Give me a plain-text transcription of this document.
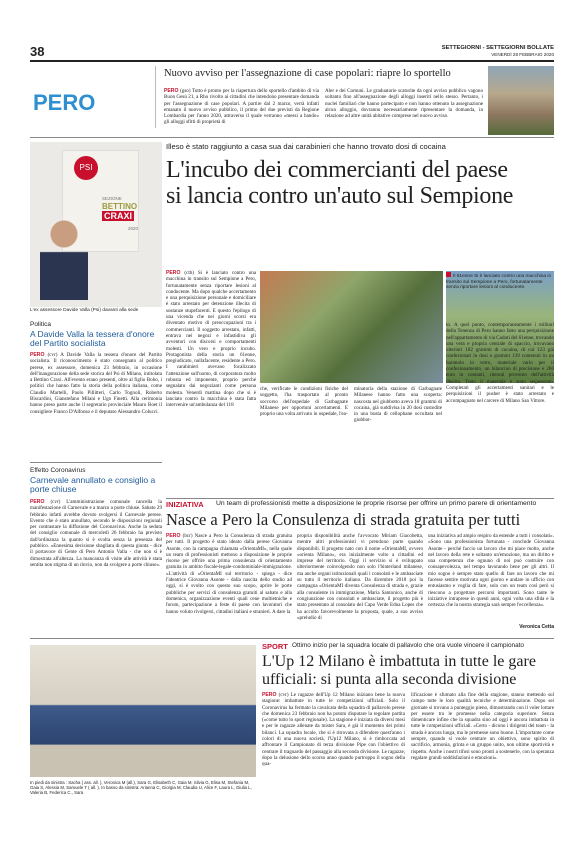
38	SETTEGIORNI - SETTEGIORNI BOLLATE
VENERDÌ 28 FEBBRAIO 2020
PERO
Nuovo avviso per l'assegnazione di case popolari: riapre lo sportello

PERO (gso) Tutto è pronto per la riapertura dello sportello d'ambito di via Buon Gesù 21, a Rho rivolto ai cittadini che intendono presentare domanda per l'assegnazione di case popolari. A partire dal 2 marzo, verrà infatti emanato il nuovo avviso pubblico, il primo del due previsti da Regione Lombardia per l'anno 2020, attraverso il quale verranno «messi a bando» gli alloggi sfitti di proprietà di

Aler e dei Comuni. Le graduatorie scaturite da ogni avviso pubblico vagono soltanto fino all'assegnazione degli alloggi inseriti nello stesso. Pertanto, i nuclei familiari che hanno partecipato e non hanno ottenuto la assegnazione alcun alloggio, dovranno necessariamente ripresentare la domanda, in relazione ad altre unità abitative comprese nel nuovo avviso.

PSI
SEZIONE
BETTINO
CRAXI
2020
L'ex assessore Davide Valla (Psi) davanti alla sede
Politica
A Davide Valla la tessera d'onore del Partito socialista

PERO (cvr) A Davide Valla la tessera d'onore del Partito socialista. Il riconoscimento è stato consegnato al politico perese, ex assessore, domenica 23 febbraio, in occasione dell'inaugurazione della sede storica del Psi di Milano, intitolata a Bettino Craxi. All'evento erano presenti, oltre al figlio Bobo, i politici che hanno fatto la storia della politica italiana, come Claudio Martelli, Paolo Pillitteri, Carlo Tognoli, Roberto Biscardini, Gianstefano Milani e Ugo Finetti. Alla cerimonia hanno preso parte anche il segretario provinciale Mauro Boet il consigliere Franco D'Alfonso e il deputato Alessandro Colucci.

Effetto Coronavirus
Carnevale annullato e consiglio a porte chiuse

PERO (cvr) L'amministrazione comunale cancella la manifestazione di Carnevale e a marzo a porte chiuse. Sabato 29 febbraio infatti avrebbe dovuto svolgersi il Carnevale perese. Evento che è stato annullato, secondo le disposizioni regionali per contrastare la diffusione del Coronavirus. Anche la seduta del consiglio comunale di mercoledì 26 febbraio ha previsto dall'ordinanza la quanto si è svolta senza la presenza del pubblico. «Ennesima decisione sbagliata di questa giunta - dice il portavoce di Gente di Pero Antonio Valla - che non si è dimostrata all'altezza. La mancanza di visite alle attività è stata sentita non stigma di un rinvio, non da svolgere a porte chiuse».

Illeso è stato raggiunto a casa sua dai carabinieri che hanno trovato dosi di cocaina
L'incubo dei commercianti del paese
si lancia contro un'auto sul Sempione

PERO (ctb) Si è lanciato contro una macchina in transito sul Sempione a Pero, fortunatamente senza riportare lesioni al conducente. Ma dopo qualche accertamento e una perquisizione personale e domiciliare è stato arrestato per detenzione illecita di sostanze stupefacenti. E questo l'epilogo di una vicenda che nei giorni scorsi era diventato motivo di preoccupazioni tra i commercianti. Il soggetto arrestato, infatti, entrava nei negozi e infastidiva gli avventori con discorsi e comportamenti molesti. Un vero e proprio incubo. Protagonista della storia un 61enne, pregiudicato, nullafacente, residente a Pero. I carabinieri avevano focalizzato l'attenzione sull'uomo, di corporatura molto robusta ed imponente, proprio perché segnalato dai negozianti come persona molesta. Venerdì mattina dopo che si è lanciato contro la macchina è stata fatta intervenire un'ambulanza del 118

che, verificate le condizioni fisiche del soggetto, l'ha trasportato al pronto soccorso dell'ospedale di Garbagnate Milanese per opportuni accertamenti. E proprio una volta arrivato in ospedale, l'ea-

minatoria della stazione di Garbagnate Milanese hanno fatto una scoperta: nascosta nel giubbotto aveva 18 grammi di cocaina, già suddivisa in 20 dosi custodite in una busta di cellophane occultata nel giubbot-

Il 61enne Si è lanciato contro una macchina in transito sul Sempione a Pero, fortunatamente senza riportare lesioni al conducente.

to. A quel punto, contemporaneamente i militari della Tenenza di Pero hanno fatto una perquisizione nell'appartamento di via Caduti del 61enne, trovando una vera e propria centrale di spaccio, trovavano ulteriori 182 grammi di cocaina, di cui 123 già confezionati in dosi e grammi 139 contenuti in un barattolo in vetro, materiale vario per il confezionamento, un bilancino di precisione e 260 euro in contanti, ritenuti provento dell'attività illecita. Tutto il materiale è stato sequestrato. Completati gli accertamenti sanitari e le perquisizioni il pusher è stato arrestato e accompagnato nel carcere di Milano San Vittore.

INIZIATIVA Un team di professionisti mette a disposizione le proprie risorse per offrire un primo parere di orientamento
Nasce a Pero la Consulenza di strada gratuita per tutti

PERO (bcr) Nasce a Pero la Consulenza di strada gratuita per tutti. Il progetto è stato ideato dalla perese Giovanna Asonte, con la campagna chiamata «OrientaMI», nella quale un team di professionisti mettono a disposizione le proprie risorse per offrire una prima consulenza di orientamento gratuita in ambito fiscale-legale-condominiale-immigrazione. «L'attività di «OrientaMI sul territorio - spiega - dice l'ideatrice Giovanna Asonte - dalla nascita dello studio ad oggi, si è svolto con questo suo scopo, aprire le porte pubbliche per servizi di consulenza gratuiti al sabato e alla domenica, organizzazione eventi quali cene multietniche e forum, partecipazione a feste di paese con lavoratori che hanno voluto rivolgersi, cittadini italiani e stranieri. A dare la

propria disponibilità anche l'avvocato Miriam Giacobetta, mentre altri professionisti vi prendono parte quando disponibili. Il progetto nato con il nome «OrientaMI, ovvero «orienta Milano», era inizialmente volto a cittadini ed imprese del territorio. Oggi il servizio si è sviluppato ulteriormente coinvolgendo non solo l'hinterland milanese, ma anche organi istituzionali quali i consolati e le ambasciate su tutto il territorio italiano. Da dicembre 2018 poi la campagna «OrientaMI diventa Consulenza di strada e, grazie alla consulente in immigrazione, Maria Santonico, anche di congiunzione con consolati e ambasciate, il progetto più è stato presentato al consolato del Capo Verde Edna Lopes che ha accolto favorevolmente la proposta, quale, a suo avviso «preludio di

una iniziativa ad ampio respiro da estende a tutti i consolati». «Sono una professionista fortunata - conclude Giovanna Asonte - perché faccio un lavoro che mi piace molto, anche nel lavoro della rete e soltanto un'emozione, ma un diritto e una competenza che ognuno di noi può costruire con consapevolezza, nel tempo lavorando bene per gli altri. Il mio sogno è sempre stato quello di fare un lavoro che mi facesse sentire motivata ogni giorno e andare in ufficio con entusiasmo e voglia di fare, solo con un team così però si riescono a progettare percorsi importanti. Sono tante le iniziative intraprese in questi anni, ogni volta una sfida e la certezza che la nostra strategia sarà sempre l'eccellenza».

Veronica Cetta
In piedi da sinistra : Sacha ( ass. all. ), Veronica M (all.), Sara G, Elisabeth C, Gaia M, Silvia G, Elisa M, Stefania M, Gaia S, Alessia M, Samuele T ( all. ). In basso da sinistra: Arianna C, Giorgia M, Claudia U, Alice F, Laura L, Giulia L, Valeria B, Federica C., Sara
SPORT Ottimo inizio per la squadra locale di pallavolo che ora vuole vincere il campionato
L'Up 12 Milano è imbattuta in tutte le gare
ufficiali: si punta alla seconda divisione

PERO (cvr) Le ragazze dell'Up 12 Milano iniziano bene la nuova stagione: imbattute in tutte le competizioni ufficiali. Solo il Coronavirus ha fermato la cavalcata della squadra di pallavolo perese che domenica 23 febbraio non ha potuto disputare la regolare partita («come tutto lo sport regionale). La stagione è iniziata da diversi mesi e per le ragazze allenate da mister Sara, è già il momento dei primi bilanci. La squadra locale, che si è ritrovata a difendere quest'anno i colori di una nuova società, l'Up12 Milano, si è rimboccata ad affrontare il Campionato di terza divisione Pipe con l'obiettivo di centrare il traguardo del passaggio alla seconda divisione. Le ragazze, dopo la delusione dello scorso anno quando purtroppo il sogno della qua-

lificazione è sfumato alla fine della stagione, stanno mettendo sul campo tutte le loro qualità tecniche e determinazione. Dopo sei giornate si trovano a punteggio pieno, dimostrando con il voler lottare per essere tra le promesse nella categoria superiore. Senza dimenticare infine che la squadra sino ad oggi è ancora imbattuta in tutte le competizioni ufficiali. «Certo - dicono i dirigenti del team - la strada è ancora lunga, ma le premesse sono buone. L'importante come sempre, quando si vuole centrare un obiettivo, sono spirito di sacrificio, armonia, grinta e un gruppo unito, non ultime sportività e rispetto. Anche i nostri tifosi sono pronti a sostenerle, con la speranza regalare grandi soddisfazioni e emozioni».
